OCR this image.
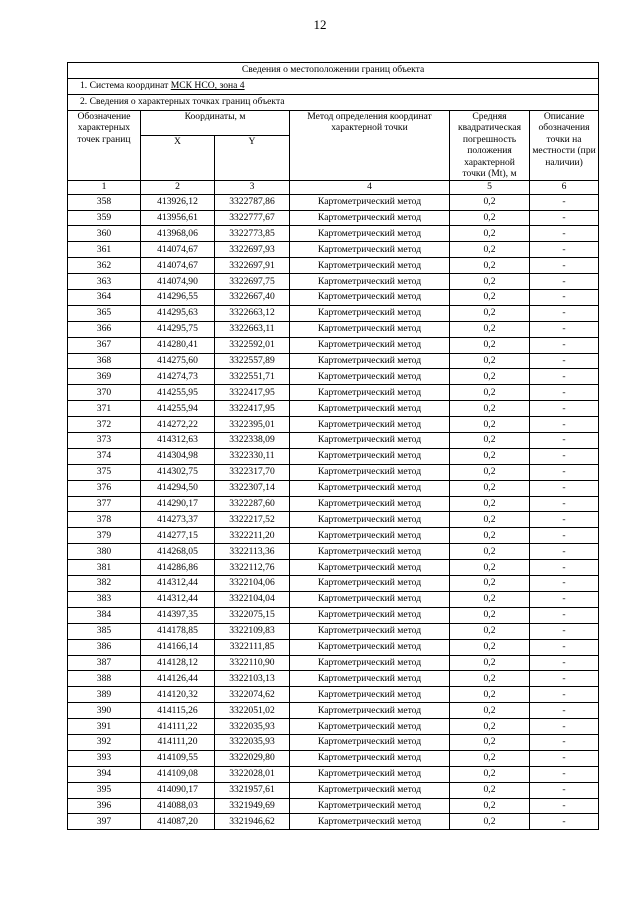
12
Сведения о местоположении границ объекта					
1. Система координат МСК НСО, зона 4					
2. Сведения о характерных точках границ объекта					
Обозначение характерных точек границ	Координаты, м		Метод определения координат характерной точки	Средняя квадратическая погрешность положения характерной точки (Mt), м	Описание обозначения точки на местности (при наличии)
	X	Y			
1	2	3	4	5	6
358	413926,12	3322787,86	Картометрический метод	0,2	-
359	413956,61	3322777,67	Картометрический метод	0,2	-
360	413968,06	3322773,85	Картометрический метод	0,2	-
361	414074,67	3322697,93	Картометрический метод	0,2	-
362	414074,67	3322697,91	Картометрический метод	0,2	-
363	414074,90	3322697,75	Картометрический метод	0,2	-
364	414296,55	3322667,40	Картометрический метод	0,2	-
365	414295,63	3322663,12	Картометрический метод	0,2	-
366	414295,75	3322663,11	Картометрический метод	0,2	-
367	414280,41	3322592,01	Картометрический метод	0,2	-
368	414275,60	3322557,89	Картометрический метод	0,2	-
369	414274,73	3322551,71	Картометрический метод	0,2	-
370	414255,95	3322417,95	Картометрический метод	0,2	-
371	414255,94	3322417,95	Картометрический метод	0,2	-
372	414272,22	3322395,01	Картометрический метод	0,2	-
373	414312,63	3322338,09	Картометрический метод	0,2	-
374	414304,98	3322330,11	Картометрический метод	0,2	-
375	414302,75	3322317,70	Картометрический метод	0,2	-
376	414294,50	3322307,14	Картометрический метод	0,2	-
377	414290,17	3322287,60	Картометрический метод	0,2	-
378	414273,37	3322217,52	Картометрический метод	0,2	-
379	414277,15	3322211,20	Картометрический метод	0,2	-
380	414268,05	3322113,36	Картометрический метод	0,2	-
381	414286,86	3322112,76	Картометрический метод	0,2	-
382	414312,44	3322104,06	Картометрический метод	0,2	-
383	414312,44	3322104,04	Картометрический метод	0,2	-
384	414397,35	3322075,15	Картометрический метод	0,2	-
385	414178,85	3322109,83	Картометрический метод	0,2	-
386	414166,14	3322111,85	Картометрический метод	0,2	-
387	414128,12	3322110,90	Картометрический метод	0,2	-
388	414126,44	3322103,13	Картометрический метод	0,2	-
389	414120,32	3322074,62	Картометрический метод	0,2	-
390	414115,26	3322051,02	Картометрический метод	0,2	-
391	414111,22	3322035,93	Картометрический метод	0,2	-
392	414111,20	3322035,93	Картометрический метод	0,2	-
393	414109,55	3322029,80	Картометрический метод	0,2	-
394	414109,08	3322028,01	Картометрический метод	0,2	-
395	414090,17	3321957,61	Картометрический метод	0,2	-
396	414088,03	3321949,69	Картометрический метод	0,2	-
397	414087,20	3321946,62	Картометрический метод	0,2	-
